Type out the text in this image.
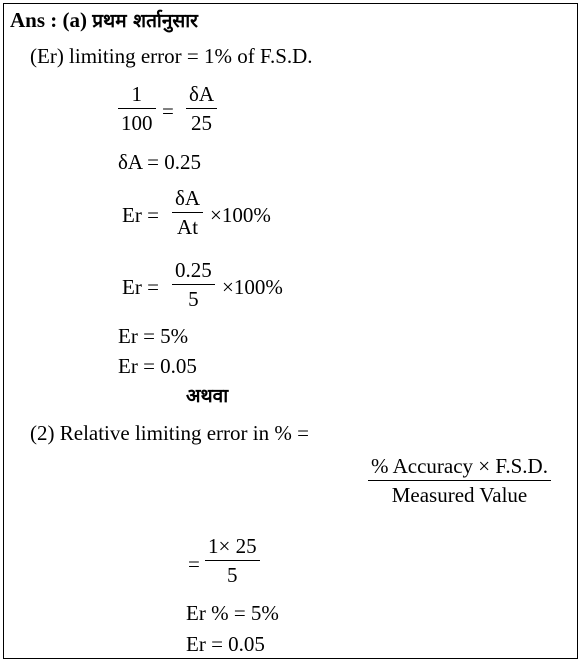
Ans : (a) प्रथम शर्तानुसार
(Er) limiting error = 1% of F.S.D.
1
100 =
δA
25
δA = 0.25
Er =
δA
At ×100%
Er =
0.25
5 ×100%
Er = 5%
Er = 0.05
अथवा
(2) Relative limiting error in % =
% Accuracy × F.S.D.
Measured Value
=
1× 25
5
Er % = 5%
Er = 0.05
